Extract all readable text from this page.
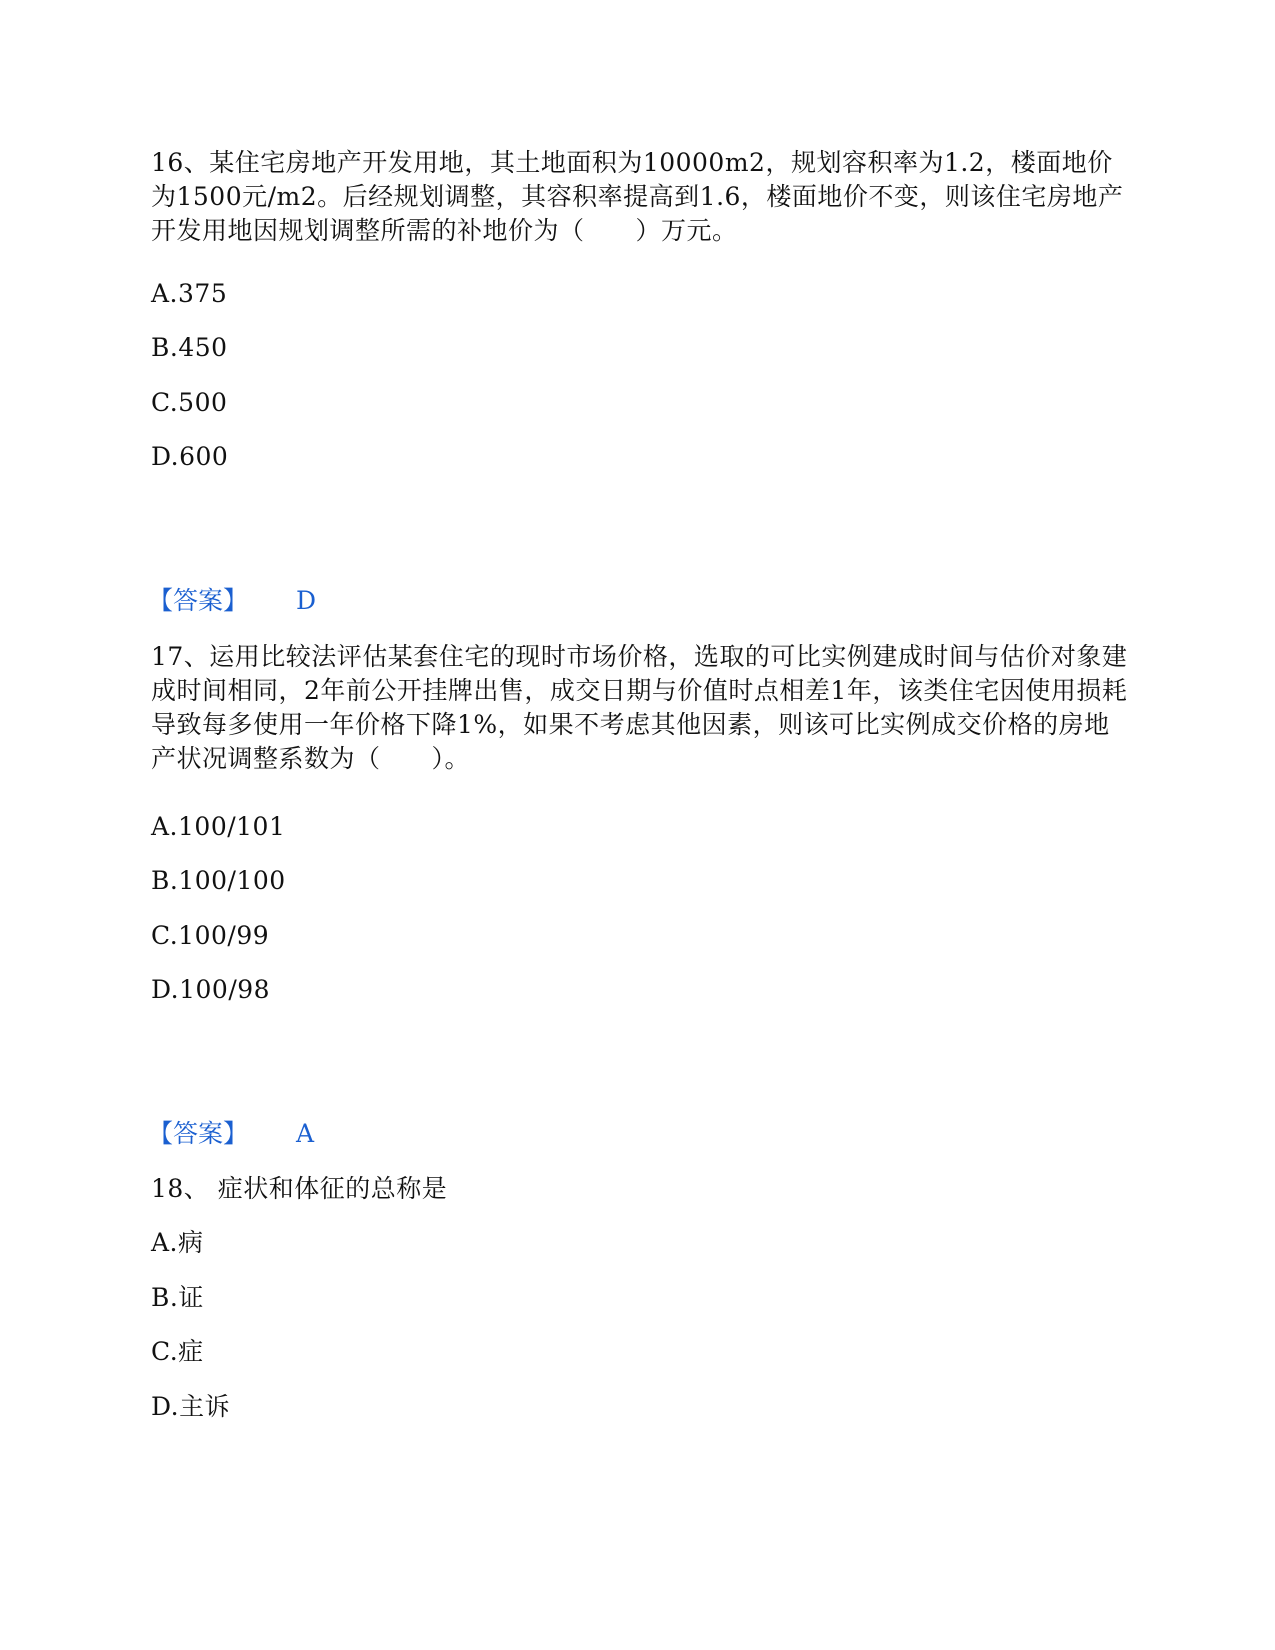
16、某住宅房地产开发用地，其土地面积为10000m2，规划容积率为1.2，楼面地价为1500元/m2。后经规划调整，其容积率提高到1.6，楼面地价不变，则该住宅房地产开发用地因规划调整所需的补地价为（　　）万元。
A.375
B.450
C.500
D.600
【答案】 D
17、运用比较法评估某套住宅的现时市场价格，选取的可比实例建成时间与估价对象建成时间相同，2年前公开挂牌出售，成交日期与价值时点相差1年，该类住宅因使用损耗导致每多使用一年价格下降1%，如果不考虑其他因素，则该可比实例成交价格的房地产状况调整系数为（　　）。
A.100/101
B.100/100
C.100/99
D.100/98
【答案】 A
18、 症状和体征的总称是
A.病
B.证
C.症
D.主诉
